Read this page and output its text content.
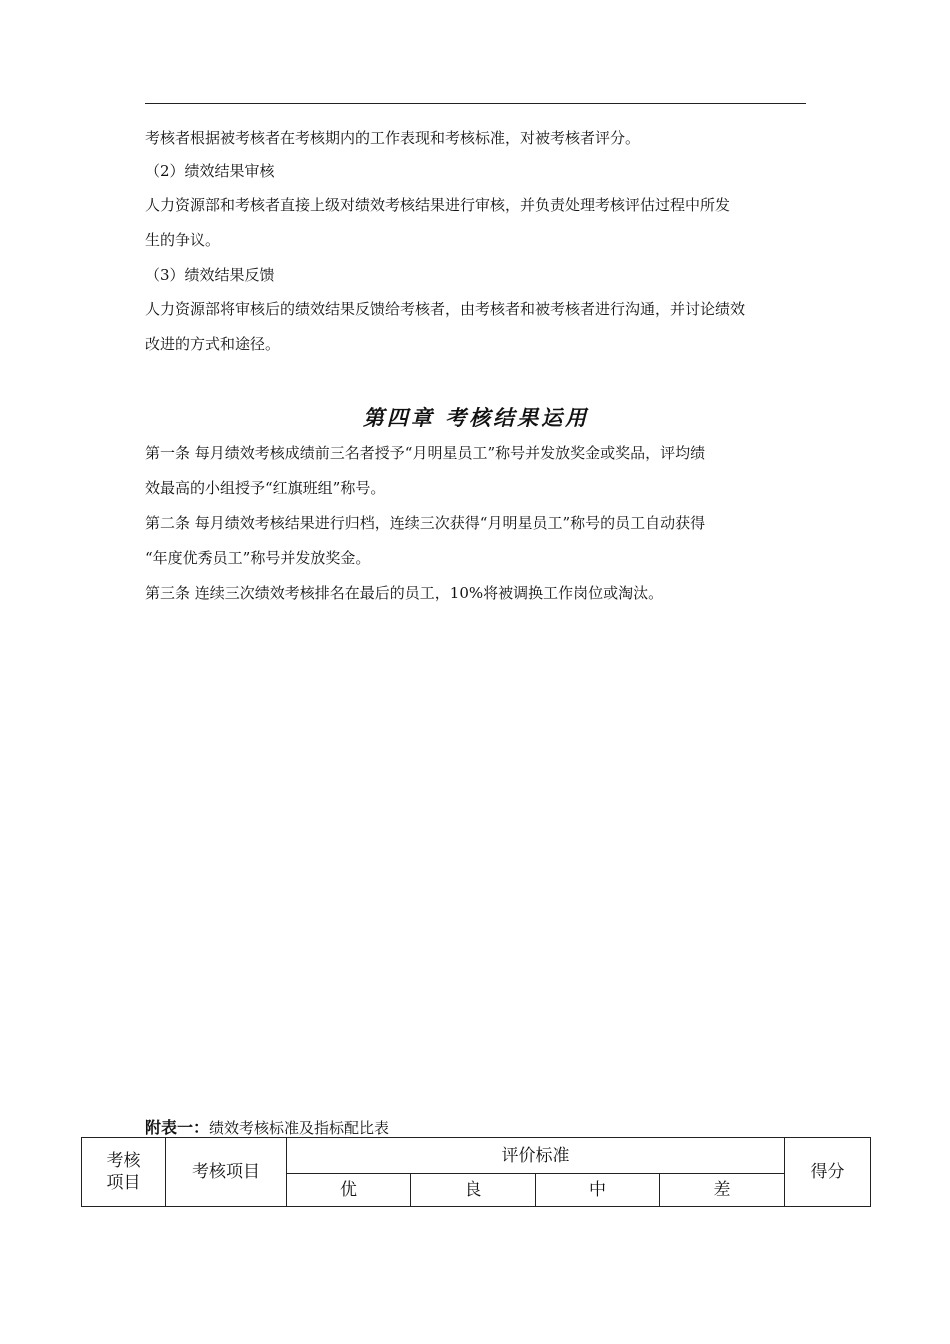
考核者根据被考核者在考核期内的工作表现和考核标准，对被考核者评分。
（2）绩效结果审核
人力资源部和考核者直接上级对绩效考核结果进行审核，并负责处理考核评估过程中所发
生的争议。
（3）绩效结果反馈
人力资源部将审核后的绩效结果反馈给考核者，由考核者和被考核者进行沟通，并讨论绩效
改进的方式和途径。
第四章 考核结果运用
第一条 每月绩效考核成绩前三名者授予“月明星员工”称号并发放奖金或奖品，评均绩
效最高的小组授予“红旗班组”称号。
第二条 每月绩效考核结果进行归档，连续三次获得“月明星员工”称号的员工自动获得
“年度优秀员工”称号并发放奖金。
第三条 连续三次绩效考核排名在最后的员工，10%将被调换工作岗位或淘汰。
附表一：绩效考核标准及指标配比表
考核项目	考核项目	评价标准				得分
		优	良	中	差	
